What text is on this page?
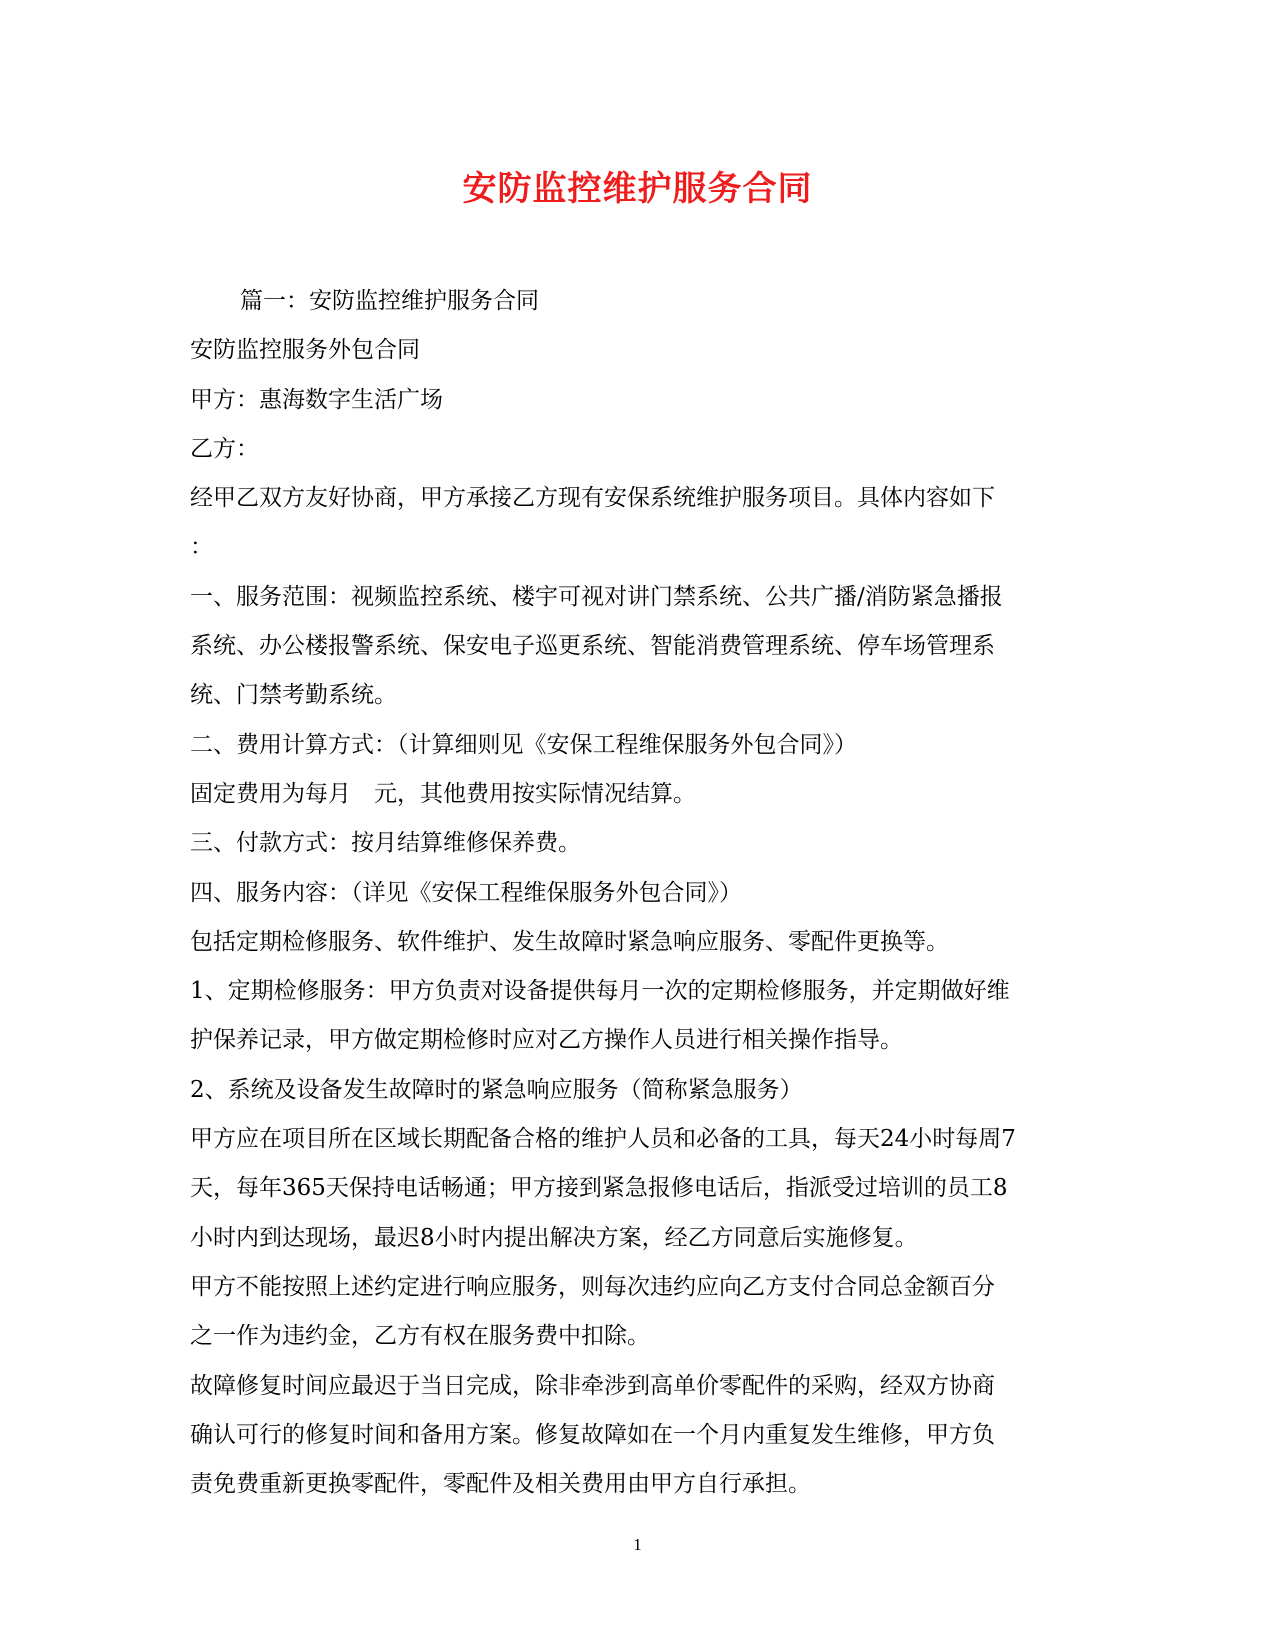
安防监控维护服务合同

篇一：安防监控维护服务合同

安防监控服务外包合同

甲方：惠海数字生活广场

乙方：

经甲乙双方友好协商，甲方承接乙方现有安保系统维护服务项目。具体内容如下

：

一、服务范围：视频监控系统、楼宇可视对讲门禁系统、公共广播/消防紧急播报

系统、办公楼报警系统、保安电子巡更系统、智能消费管理系统、停车场管理系

统、门禁考勤系统。

二、费用计算方式：（计算细则见《安保工程维保服务外包合同》）

固定费用为每月　元，其他费用按实际情况结算。

三、付款方式：按月结算维修保养费。

四、服务内容：（详见《安保工程维保服务外包合同》）

包括定期检修服务、软件维护、发生故障时紧急响应服务、零配件更换等。

1、定期检修服务：甲方负责对设备提供每月一次的定期检修服务，并定期做好维

护保养记录，甲方做定期检修时应对乙方操作人员进行相关操作指导。

2、系统及设备发生故障时的紧急响应服务（简称紧急服务）

甲方应在项目所在区域长期配备合格的维护人员和必备的工具，每天24小时每周7

天，每年365天保持电话畅通；甲方接到紧急报修电话后，指派受过培训的员工8

小时内到达现场，最迟8小时内提出解决方案，经乙方同意后实施修复。

甲方不能按照上述约定进行响应服务，则每次违约应向乙方支付合同总金额百分

之一作为违约金，乙方有权在服务费中扣除。

故障修复时间应最迟于当日完成，除非牵涉到高单价零配件的采购，经双方协商

确认可行的修复时间和备用方案。修复故障如在一个月内重复发生维修，甲方负

责免费重新更换零配件，零配件及相关费用由甲方自行承担。

1
